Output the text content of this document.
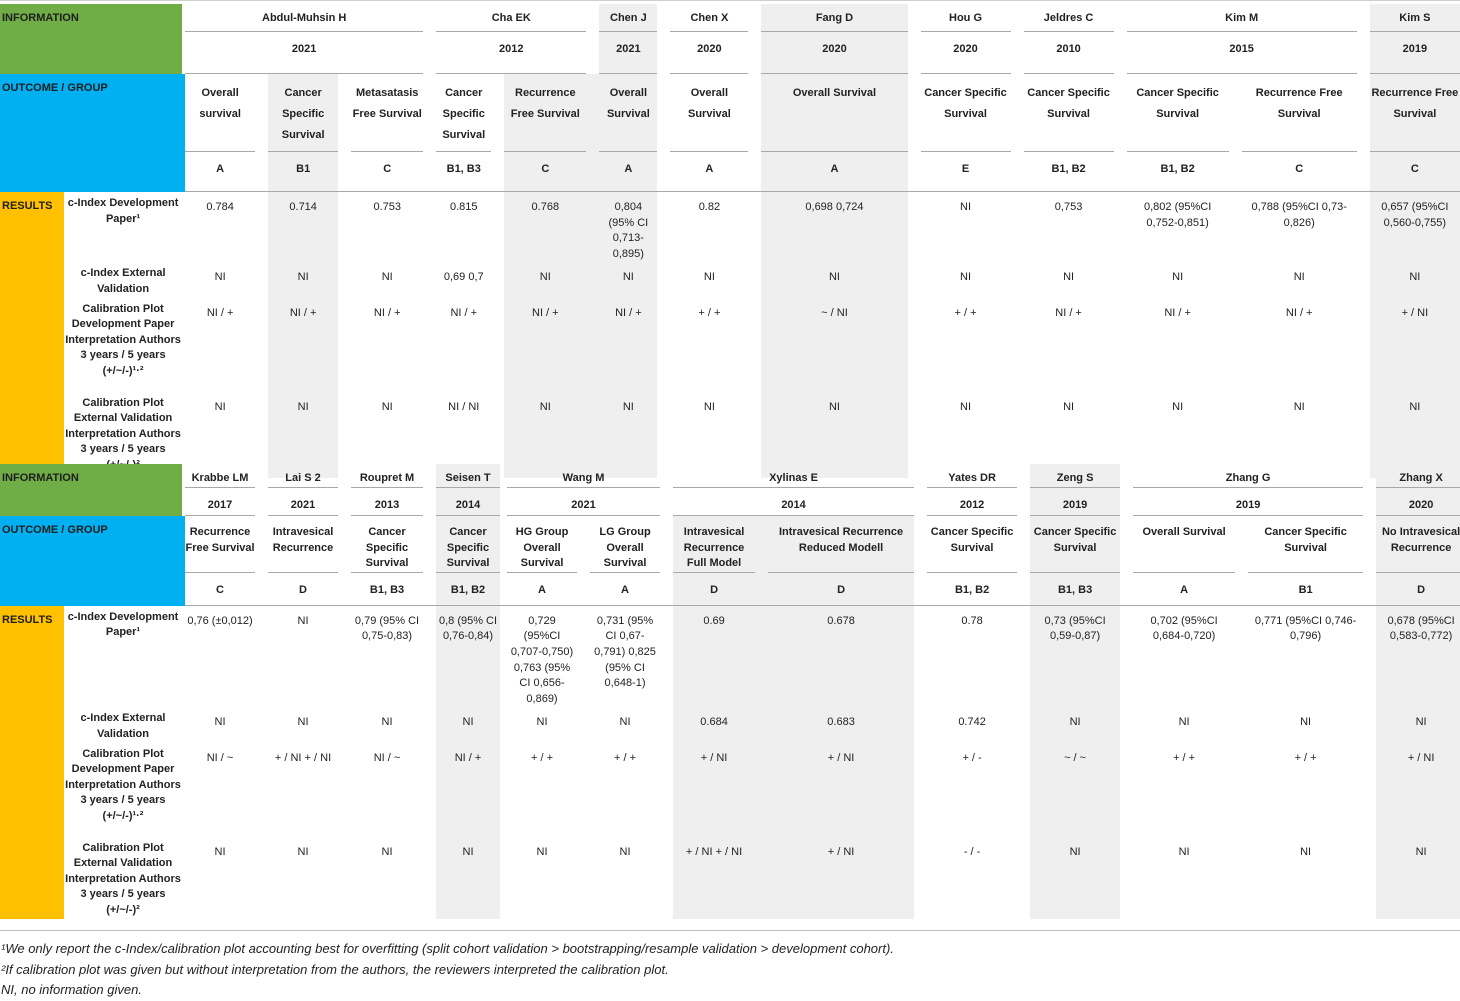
INFORMATION			Abdul-Muhsin H						Cha EK				Chen J		Chen X		Fang D		Hou G		Jeldres C		Kim M				Kim S
			2021						2012				2021		2020		2020		2020		2010		2015				2019
OUTCOME / GROUP			Overall survival		Cancer Specific Survival		Metasatasis Free Survival		Cancer Specific Survival		Recurrence Free Survival		Overall Survival		Overall Survival		Overall Survival		Cancer Specific Survival		Cancer Specific Survival		Cancer Specific Survival		Recurrence Free Survival		Recurrence Free Survival
			A		B1		C		B1, B3		C		A		A		A		E		B1, B2		B1, B2		C		C
RESULTS	c-Index Development Paper¹		0.784		0.714		0.753		0.815		0.768		0,804 (95% CI 0,713-0,895)		0.82		0,698 0,724		NI		0,753		0,802 (95%CI 0,752-0,851)		0,788 (95%CI 0,73-0,826)		0,657 (95%CI 0,560-0,755)
	c-Index External Validation		NI		NI		NI		0,69 0,7		NI		NI		NI		NI		NI		NI		NI		NI		NI
	Calibration Plot Development Paper Interpretation Authors 3 years / 5 years (+/~/-)¹·²		NI / +		NI / +		NI / +		NI / +		NI / +		NI / +		+ / +		~ / NI		+ / +		NI / +		NI / +		NI / +		+ / NI
	Calibration Plot External Validation Interpretation Authors 3 years / 5 years		NI		NI		NI		NI / NI		NI		NI		NI		NI		NI		NI		NI		NI		NI
INFORMATION			Krabbe LM		Lai S 2		Roupret M		Seisen T		Wang M				Xylinas E				Yates DR		Zeng S		Zhang G				Zhang X
			2017		2021		2013		2014		2021				2014				2012		2019		2019				2020
OUTCOME / GROUP			Recurrence Free Survival		Intravesical Recurrence		Cancer Specific Survival		Cancer Specific Survival		HG Group Overall Survival		LG Group Overall Survival		Intravesical Recurrence Full Model		Intravesical Recurrence Reduced Modell		Cancer Specific Survival		Cancer Specific Survival		Overall Survival		Cancer Specific Survival		No Intravesical Recurrence
			C		D		B1, B3		B1, B2		A		A		D		D		B1, B2		B1, B3		A		B1		D
RESULTS	c-Index Development Paper¹		0,76 (±0,012)		NI		0,79 (95% CI 0,75-0,83)		0,8 (95% CI 0,76-0,84)		0,729 (95%CI 0,707-0,750) 0,763 (95% CI 0,656-0,869)		0,731 (95% CI 0,67-0,791) 0,825 (95% CI 0,648-1)		0.69		0.678		0.78		0,73 (95%CI 0,59-0,87)		0,702 (95%CI 0,684-0,720)		0,771 (95%CI 0,746-0,796)		0,678 (95%CI 0,583-0,772)
	c-Index External Validation		NI		NI		NI		NI		NI		NI		0.684		0.683		0.742		NI		NI		NI		NI
	Calibration Plot Development Paper Interpretation Authors 3 years / 5 years (+/~/-)¹·²		NI / ~		+ / NI + / NI		NI / ~		NI / +		+ / +		+ / +		+ / NI		+ / NI		+ / -		~ / ~		+ / +		+ / +		+ / NI
	Calibration Plot External Validation Interpretation Authors 3 years / 5 years (+/~/-)²		NI		NI		NI		NI		NI		NI		+ / NI + / NI		+ / NI		- / -		NI		NI		NI		NI
¹We only report the c-Index/calibration plot accounting best for overfitting (split cohort validation > bootstrapping/resample validation > development cohort).
²If calibration plot was given but without interpretation from the authors, the reviewers interpreted the calibration plot.
NI, no information given.
